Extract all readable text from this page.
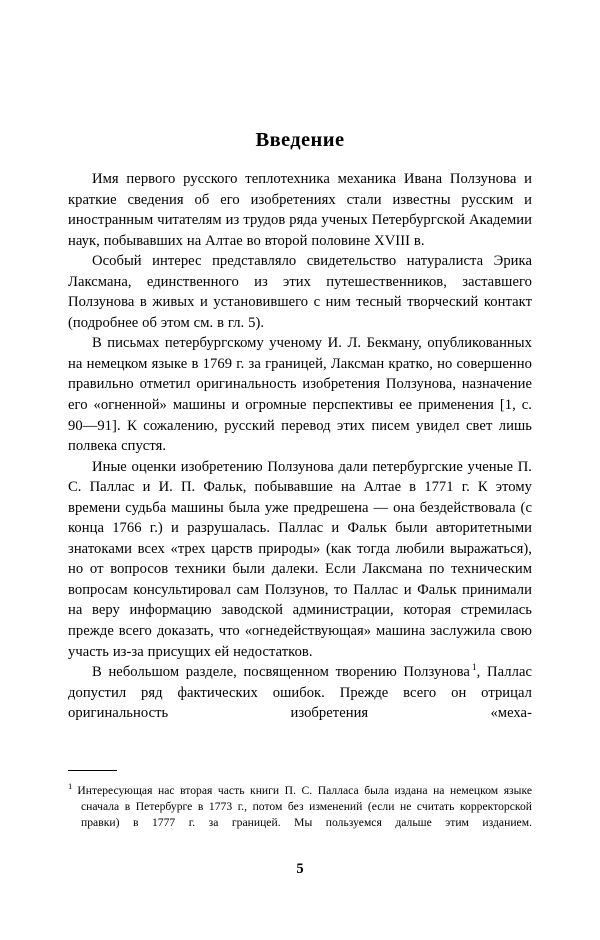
Введение

Имя первого русского теплотехника механика Ивана Ползунова и краткие сведения об его изобретениях стали известны русским и иностранным читателям из трудов ряда ученых Петербургской Академии наук, побывавших на Алтае во второй половине XVIII в.

Особый интерес представляло свидетельство натуралиста Эрика Лаксмана, единственного из этих путешественников, заставшего Ползунова в живых и установившего с ним тесный творческий контакт (подробнее об этом см. в гл. 5).

В письмах петербургскому ученому И. Л. Бекману, опубликованных на немецком языке в 1769 г. за границей, Лаксман кратко, но совершенно правильно отметил оригинальность изобретения Ползунова, назначение его «огненной» машины и огромные перспективы ее применения [1, с. 90—91]. К сожалению, русский перевод этих писем увидел свет лишь полвека спустя.

Иные оценки изобретению Ползунова дали петербургские ученые П. С. Паллас и И. П. Фальк, побывавшие на Алтае в 1771 г. К этому времени судьба машины была уже предрешена — она бездействовала (с конца 1766 г.) и разрушалась. Паллас и Фальк были авторитетными знатоками всех «трех царств природы» (как тогда любили выражаться), но от вопросов техники были далеки. Если Лаксмана по техническим вопросам консультировал сам Ползунов, то Паллас и Фальк принимали на веру информацию заводской администрации, которая стремилась прежде всего доказать, что «огнедействующая» машина заслужила свою участь из-за присущих ей недостатков.

В небольшом разделе, посвященном творению Ползунова $^1$, Паллас допустил ряд фактических ошибок. Прежде всего он отрицал оригинальность изобретения «меха-

$^1$ Интересующая нас вторая часть книги П. С. Палласа была издана на немецком языке сначала в Петербурге в 1773 г., потом без изменений (если не считать корректорской правки) в 1777 г. за границей. Мы пользуемся дальше этим изданием.

5
